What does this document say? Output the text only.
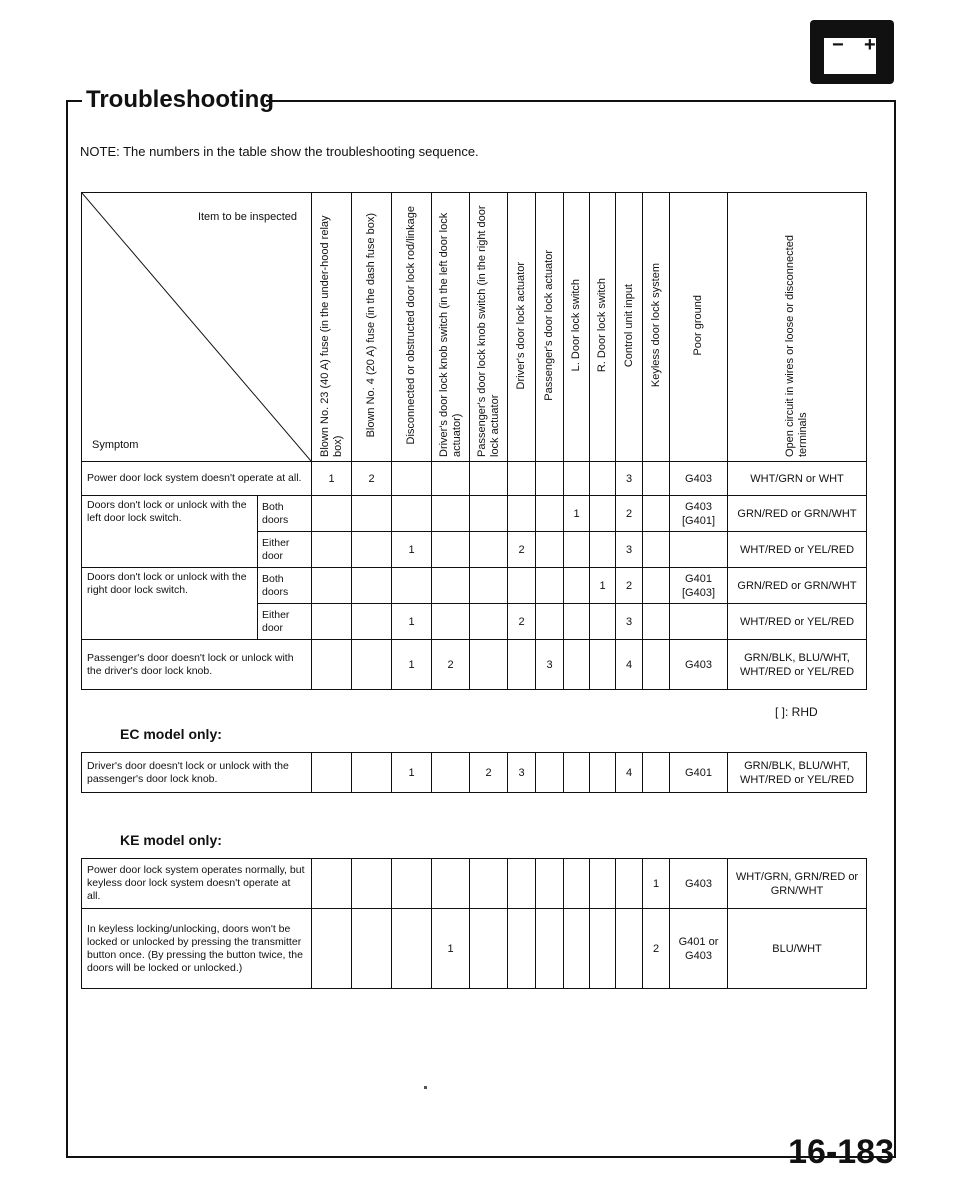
− +
Troubleshooting
NOTE: The numbers in the table show the troubleshooting sequence.
Item to be inspected
Symptom		Blown No. 23 (40 A) fuse (in the under-hood relay box)	Blown No. 4 (20 A) fuse (in the dash fuse box)	Disconnected or obstructed door lock rod/linkage	Driver's door lock knob switch (in the left door lock actuator)	Passenger's door lock knob switch (in the right door lock actuator	Driver's door lock actuator	Passenger's door lock actuator	L. Door lock switch	R. Door lock switch	Control unit input	Keyless door lock system	Poor ground	Open circuit in wires or loose or disconnected terminals
Power door lock system doesn't operate at all.		1	2								3		G403	WHT/GRN or WHT
Doors don't lock or unlock with the left door lock switch.	Both doors								1		2		G403 [G401]	GRN/RED or GRN/WHT
	Either door			1			2				3			WHT/RED or YEL/RED
Doors don't lock or unlock with the right door lock switch.	Both doors									1	2		G401 [G403]	GRN/RED or GRN/WHT
	Either door			1			2				3			WHT/RED or YEL/RED
Passenger's door doesn't lock or unlock with the driver's door lock knob.				1	2			3			4		G403	GRN/BLK, BLU/WHT, WHT/RED or YEL/RED
[ ]: RHD
EC model only:
Driver's door doesn't lock or unlock with the passenger's door lock knob.			1		2	3				4		G401	GRN/BLK, BLU/WHT, WHT/RED or YEL/RED
KE model only:
Power door lock system operates normally, but keyless door lock system doesn't operate at all.											1	G403	WHT/GRN, GRN/RED or GRN/WHT
In keyless locking/unlocking, doors won't be locked or unlocked by pressing the transmitter button once. (By pressing the button twice, the doors will be locked or unlocked.)				1							2	G401 or G403	BLU/WHT
16-183
